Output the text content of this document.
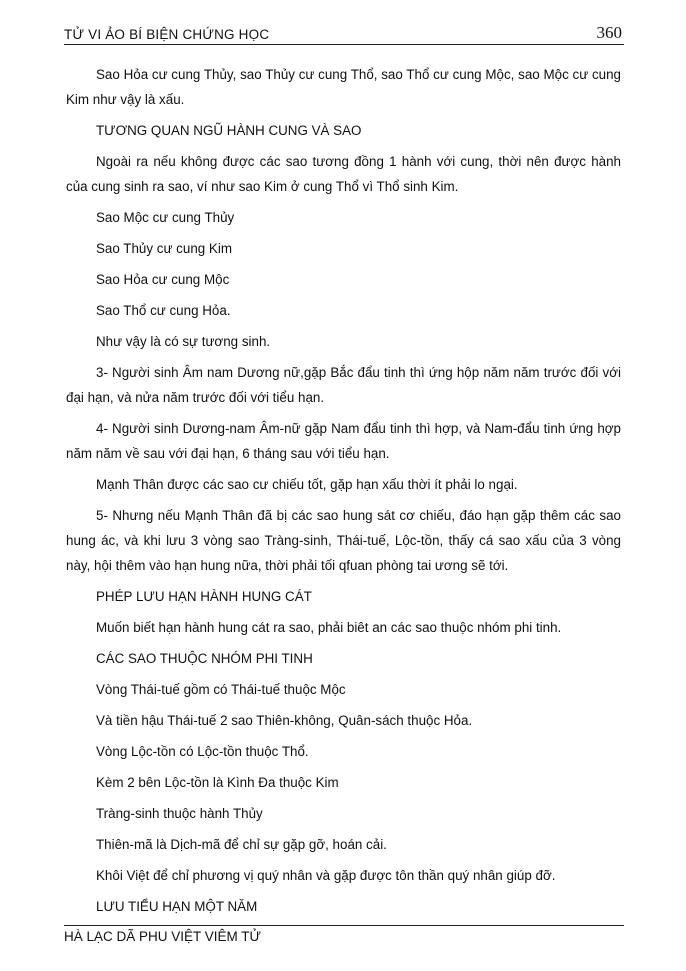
TỬ VI ẢO BÍ BIỆN CHỨNG HỌC	360

Sao Hỏa cư cung Thủy, sao Thủy cư cung Thổ, sao Thổ cư cung Mộc, sao Mộc cư cung Kim như vậy là xấu.

TƯƠNG QUAN NGŨ HÀNH CUNG VÀ SAO

Ngoài ra nếu không được các sao tương đồng 1 hành với cung, thời nên được hành của cung sinh ra sao, ví như sao Kim ở cung Thổ vì Thổ sinh Kim.

Sao Mộc cư cung Thủy

Sao Thủy cư cung Kim

Sao Hỏa cư cung Mộc

Sao Thổ cư cung Hỏa.

Như vậy là có sự tương sinh.

3- Người sinh Âm nam Dương nữ,gặp Bắc đẩu tinh thì ứng hộp năm năm trước đối với đại hạn, và nửa năm trước đối với tiểu hạn.

4- Người sinh Dương-nam Âm-nữ gặp Nam đẩu tinh thì hợp, và Nam-đẩu tinh ứng hợp năm năm về sau với đại hạn, 6 tháng sau với tiểu hạn.

Mạnh Thân được các sao cư chiếu tốt, gặp hạn xấu thời ít phải lo ngại.

5- Nhưng nếu Mạnh Thân đã bị các sao hung sát cơ chiếu, đáo hạn gặp thêm các sao hung ác, và khi lưu 3 vòng sao Tràng-sinh, Thái-tuế, Lộc-tồn, thấy cá sao xấu của 3 vòng này, hội thêm vào hạn hung nữa, thời phải tối qfuan phòng tai ương sẽ tới.

PHÉP LƯU HẠN HÀNH HUNG CÁT

Muốn biết hạn hành hung cát ra sao, phải biêt an các sao thuộc nhóm phi tinh.

CÁC SAO THUỘC NHÓM PHI TINH

Vòng Thái-tuế gồm có Thái-tuế thuộc Mộc

Và tiền hậu Thái-tuế 2 sao Thiên-không, Quân-sách thuộc Hỏa.

Vòng Lộc-tồn có Lộc-tồn thuộc Thổ.

Kèm 2 bên Lộc-tồn là Kình Đa thuộc Kim

Tràng-sinh thuộc hành Thủy

Thiên-mã là Dịch-mã để chỉ sự gặp gỡ, hoán cải.

Khôi Việt để chỉ phương vị quý nhân và gặp được tôn thần quý nhân giúp đỡ.

LƯU TIỂU HẠN MỘT NĂM

HÀ LẠC DÃ PHU VIỆT VIÊM TỬ
